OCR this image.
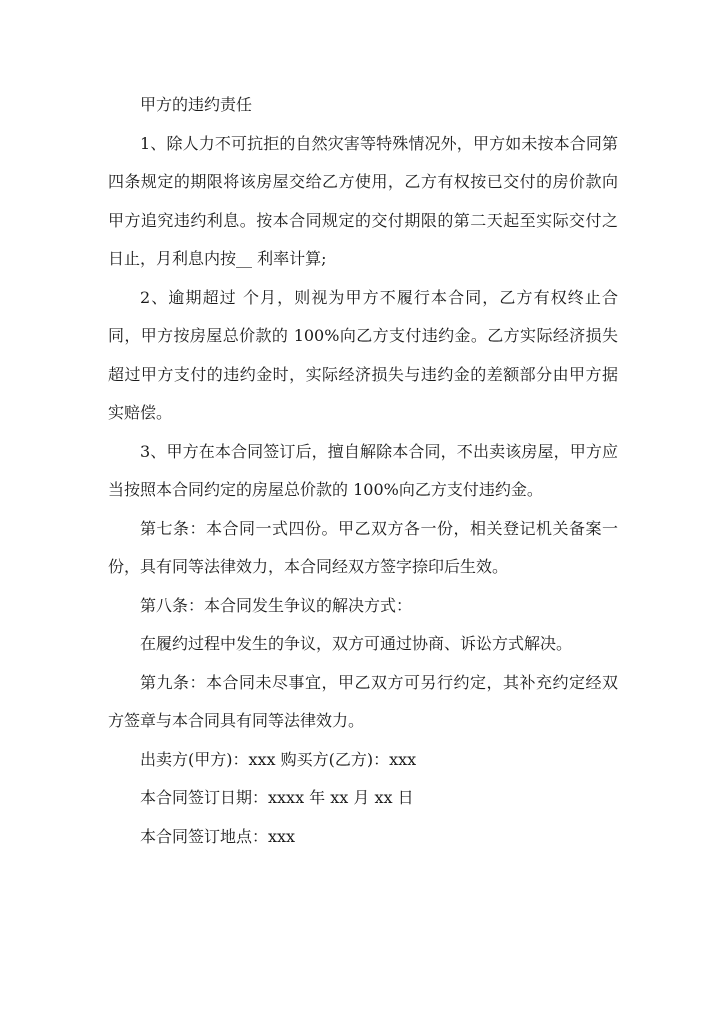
甲方的违约责任

1、除人力不可抗拒的自然灾害等特殊情况外，甲方如未按本合同第四条规定的期限将该房屋交给乙方使用，乙方有权按已交付的房价款向甲方追究违约利息。按本合同规定的交付期限的第二天起至实际交付之日止，月利息内按__ 利率计算;

2、逾期超过 个月，则视为甲方不履行本合同，乙方有权终止合同，甲方按房屋总价款的 100%向乙方支付违约金。乙方实际经济损失超过甲方支付的违约金时，实际经济损失与违约金的差额部分由甲方据实赔偿。

3、甲方在本合同签订后，擅自解除本合同，不出卖该房屋，甲方应当按照本合同约定的房屋总价款的 100%向乙方支付违约金。

第七条：本合同一式四份。甲乙双方各一份，相关登记机关备案一份，具有同等法律效力，本合同经双方签字捺印后生效。

第八条：本合同发生争议的解决方式：

在履约过程中发生的争议，双方可通过协商、诉讼方式解决。

第九条：本合同未尽事宜，甲乙双方可另行约定，其补充约定经双方签章与本合同具有同等法律效力。

出卖方(甲方)：xxx 购买方(乙方)：xxx

本合同签订日期：xxxx 年 xx 月 xx 日

本合同签订地点：xxx
